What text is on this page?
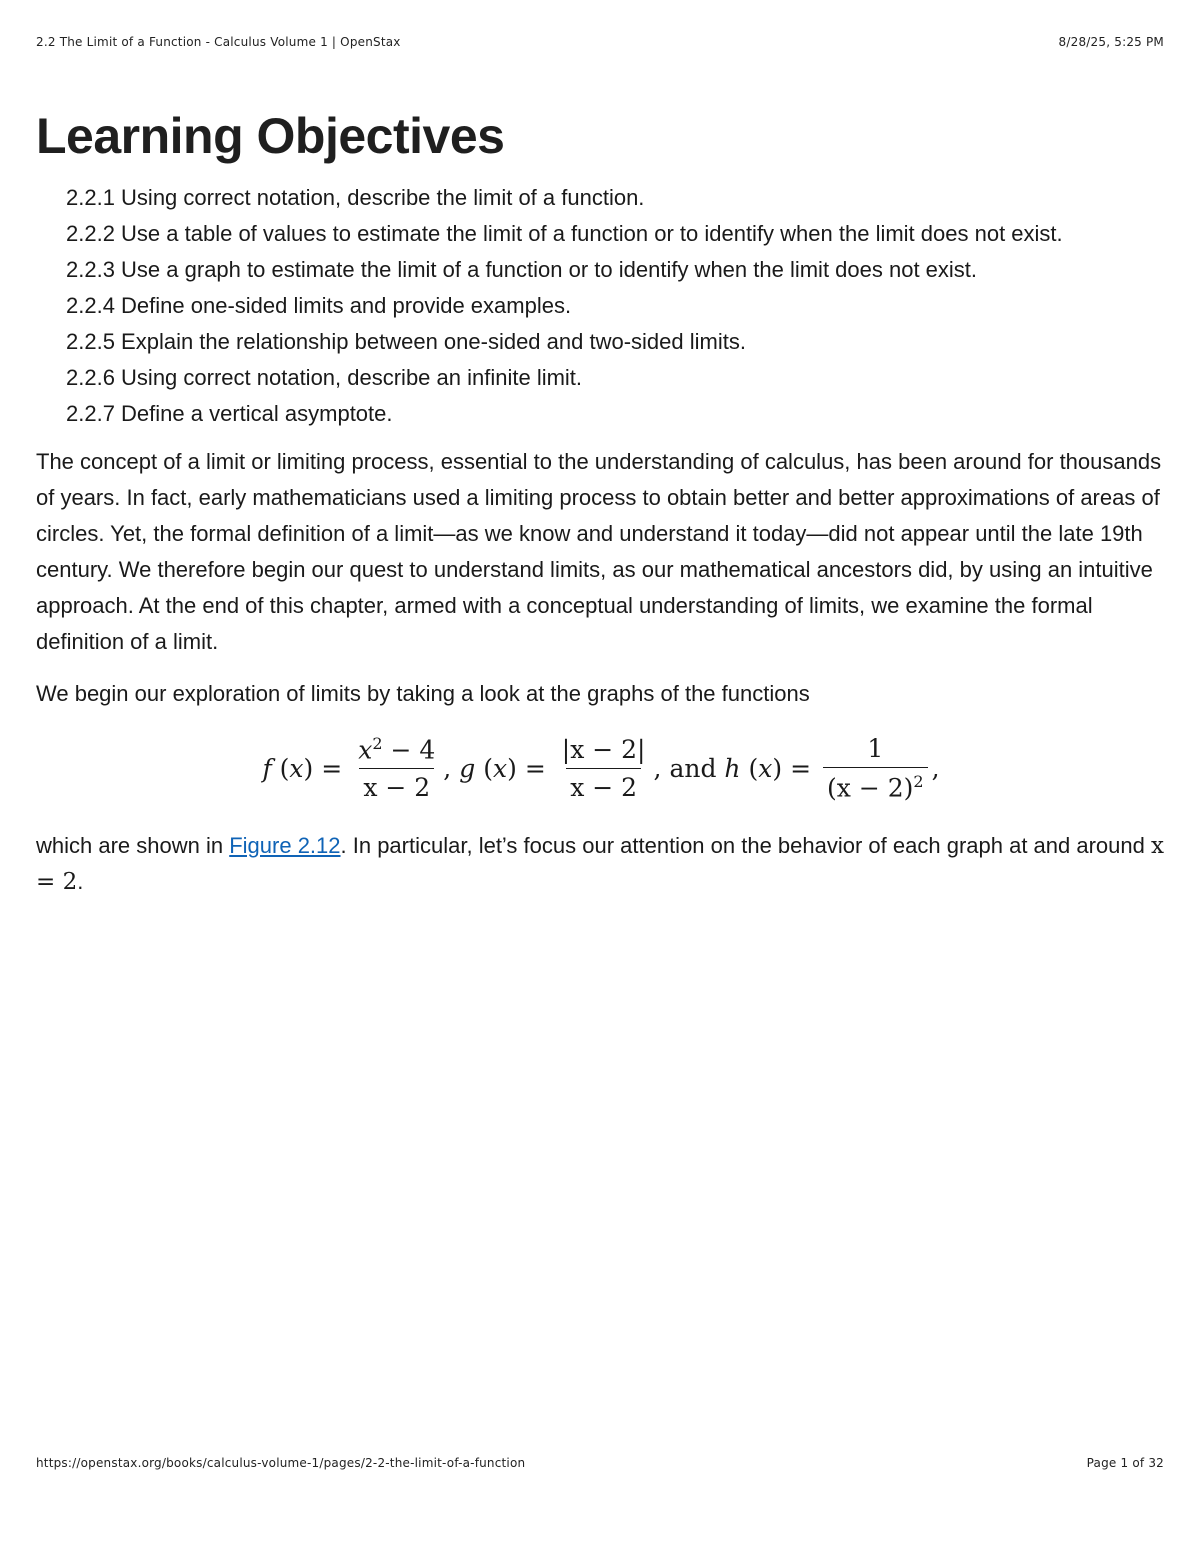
2.2 The Limit of a Function - Calculus Volume 1 | OpenStax	8/28/25, 5:25 PM
Learning Objectives
2.2.1 Using correct notation, describe the limit of a function.
2.2.2 Use a table of values to estimate the limit of a function or to identify when the limit does not exist.
2.2.3 Use a graph to estimate the limit of a function or to identify when the limit does not exist.
2.2.4 Define one-sided limits and provide examples.
2.2.5 Explain the relationship between one-sided and two-sided limits.
2.2.6 Using correct notation, describe an infinite limit.
2.2.7 Define a vertical asymptote.

The concept of a limit or limiting process, essential to the understanding of calculus, has been around for thousands of years. In fact, early mathematicians used a limiting process to obtain better and better approximations of areas of circles. Yet, the formal definition of a limit—as we know and understand it today—did not appear until the late 19th century. We therefore begin our quest to understand limits, as our mathematical ancestors did, by using an intuitive approach. At the end of this chapter, armed with a conceptual understanding of limits, we examine the formal definition of a limit.

We begin our exploration of limits by taking a look at the graphs of the functions

f $(x) = \frac{x^2 - 4}{x - 2}$ , g $(x) = \frac{|x - 2|}{x - 2}$ , and
h $(x) = \frac{1}{(x - 2)^2}$ ,

which are shown in Figure 2.12. In particular, let’s focus our attention on the behavior of each graph at and around x = 2.

https://openstax.org/books/calculus-volume-1/pages/2-2-the-limit-of-a-function	Page 1 of 32
